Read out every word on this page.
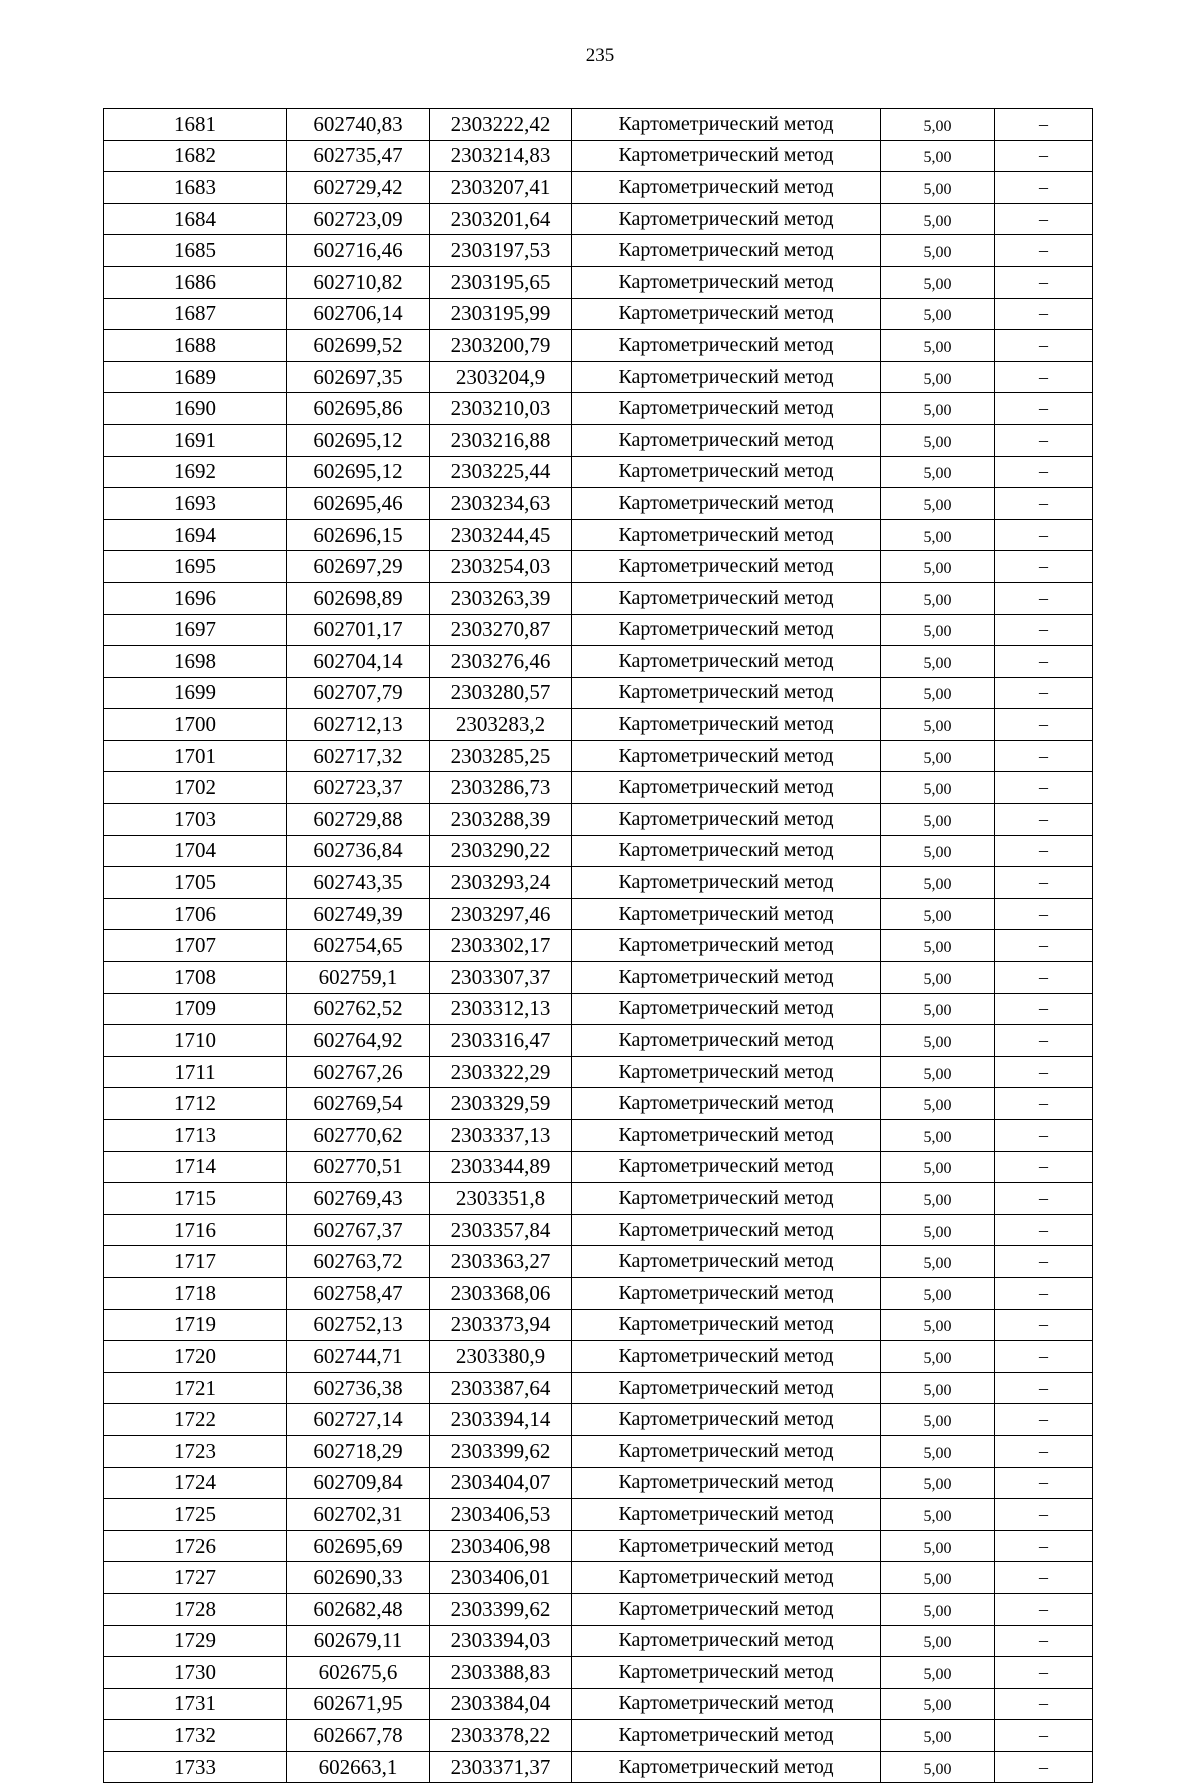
235
1681	602740,83	2303222,42	Картометрический метод	5,00	–
1682	602735,47	2303214,83	Картометрический метод	5,00	–
1683	602729,42	2303207,41	Картометрический метод	5,00	–
1684	602723,09	2303201,64	Картометрический метод	5,00	–
1685	602716,46	2303197,53	Картометрический метод	5,00	–
1686	602710,82	2303195,65	Картометрический метод	5,00	–
1687	602706,14	2303195,99	Картометрический метод	5,00	–
1688	602699,52	2303200,79	Картометрический метод	5,00	–
1689	602697,35	2303204,9	Картометрический метод	5,00	–
1690	602695,86	2303210,03	Картометрический метод	5,00	–
1691	602695,12	2303216,88	Картометрический метод	5,00	–
1692	602695,12	2303225,44	Картометрический метод	5,00	–
1693	602695,46	2303234,63	Картометрический метод	5,00	–
1694	602696,15	2303244,45	Картометрический метод	5,00	–
1695	602697,29	2303254,03	Картометрический метод	5,00	–
1696	602698,89	2303263,39	Картометрический метод	5,00	–
1697	602701,17	2303270,87	Картометрический метод	5,00	–
1698	602704,14	2303276,46	Картометрический метод	5,00	–
1699	602707,79	2303280,57	Картометрический метод	5,00	–
1700	602712,13	2303283,2	Картометрический метод	5,00	–
1701	602717,32	2303285,25	Картометрический метод	5,00	–
1702	602723,37	2303286,73	Картометрический метод	5,00	–
1703	602729,88	2303288,39	Картометрический метод	5,00	–
1704	602736,84	2303290,22	Картометрический метод	5,00	–
1705	602743,35	2303293,24	Картометрический метод	5,00	–
1706	602749,39	2303297,46	Картометрический метод	5,00	–
1707	602754,65	2303302,17	Картометрический метод	5,00	–
1708	602759,1	2303307,37	Картометрический метод	5,00	–
1709	602762,52	2303312,13	Картометрический метод	5,00	–
1710	602764,92	2303316,47	Картометрический метод	5,00	–
1711	602767,26	2303322,29	Картометрический метод	5,00	–
1712	602769,54	2303329,59	Картометрический метод	5,00	–
1713	602770,62	2303337,13	Картометрический метод	5,00	–
1714	602770,51	2303344,89	Картометрический метод	5,00	–
1715	602769,43	2303351,8	Картометрический метод	5,00	–
1716	602767,37	2303357,84	Картометрический метод	5,00	–
1717	602763,72	2303363,27	Картометрический метод	5,00	–
1718	602758,47	2303368,06	Картометрический метод	5,00	–
1719	602752,13	2303373,94	Картометрический метод	5,00	–
1720	602744,71	2303380,9	Картометрический метод	5,00	–
1721	602736,38	2303387,64	Картометрический метод	5,00	–
1722	602727,14	2303394,14	Картометрический метод	5,00	–
1723	602718,29	2303399,62	Картометрический метод	5,00	–
1724	602709,84	2303404,07	Картометрический метод	5,00	–
1725	602702,31	2303406,53	Картометрический метод	5,00	–
1726	602695,69	2303406,98	Картометрический метод	5,00	–
1727	602690,33	2303406,01	Картометрический метод	5,00	–
1728	602682,48	2303399,62	Картометрический метод	5,00	–
1729	602679,11	2303394,03	Картометрический метод	5,00	–
1730	602675,6	2303388,83	Картометрический метод	5,00	–
1731	602671,95	2303384,04	Картометрический метод	5,00	–
1732	602667,78	2303378,22	Картометрический метод	5,00	–
1733	602663,1	2303371,37	Картометрический метод	5,00	–
